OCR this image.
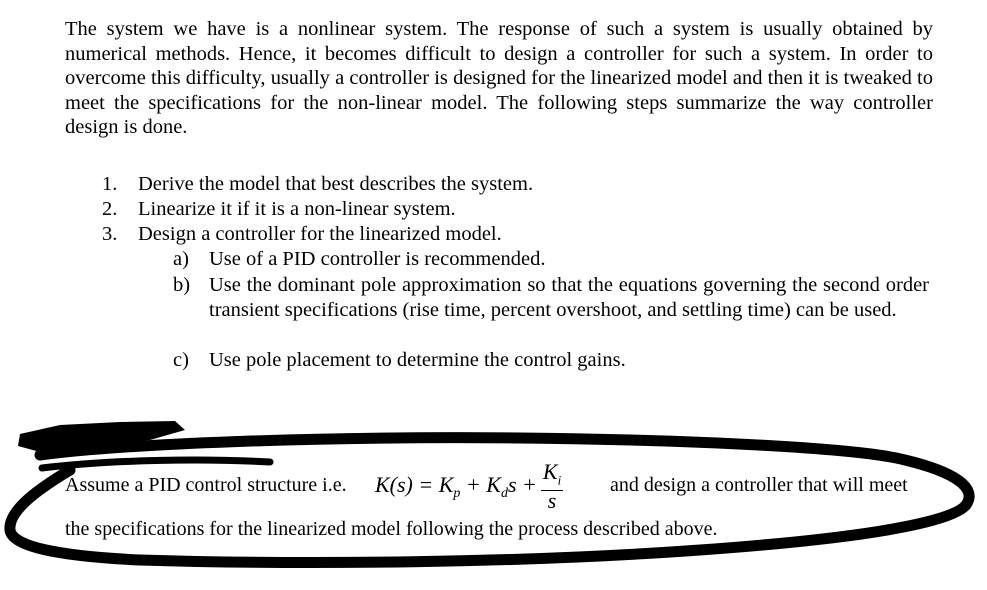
The system we have is a nonlinear system. The response of such a system is usually obtained by numerical methods. Hence, it becomes difficult to design a controller for such a system. In order to overcome this difficulty, usually a controller is designed for the linearized model and then it is tweaked to meet the specifications for the non-linear model. The following steps summarize the way controller design is done.

1. Derive the model that best describes the system.
2. Linearize it if it is a non-linear system.
3. Design a controller for the linearized model.
a) Use of a PID controller is recommended.
b) Use the dominant pole approximation so that the equations governing the second order transient specifications (rise time, percent overshoot, and settling time) can be used.
c) Use pole placement to determine the control gains.
Assume a PID control structure i.e. $K(s) = K_p + K_ds + \frac{K_i}{s}$ and design a controller that will meet
the specifications for the linearized model following the process described above.
